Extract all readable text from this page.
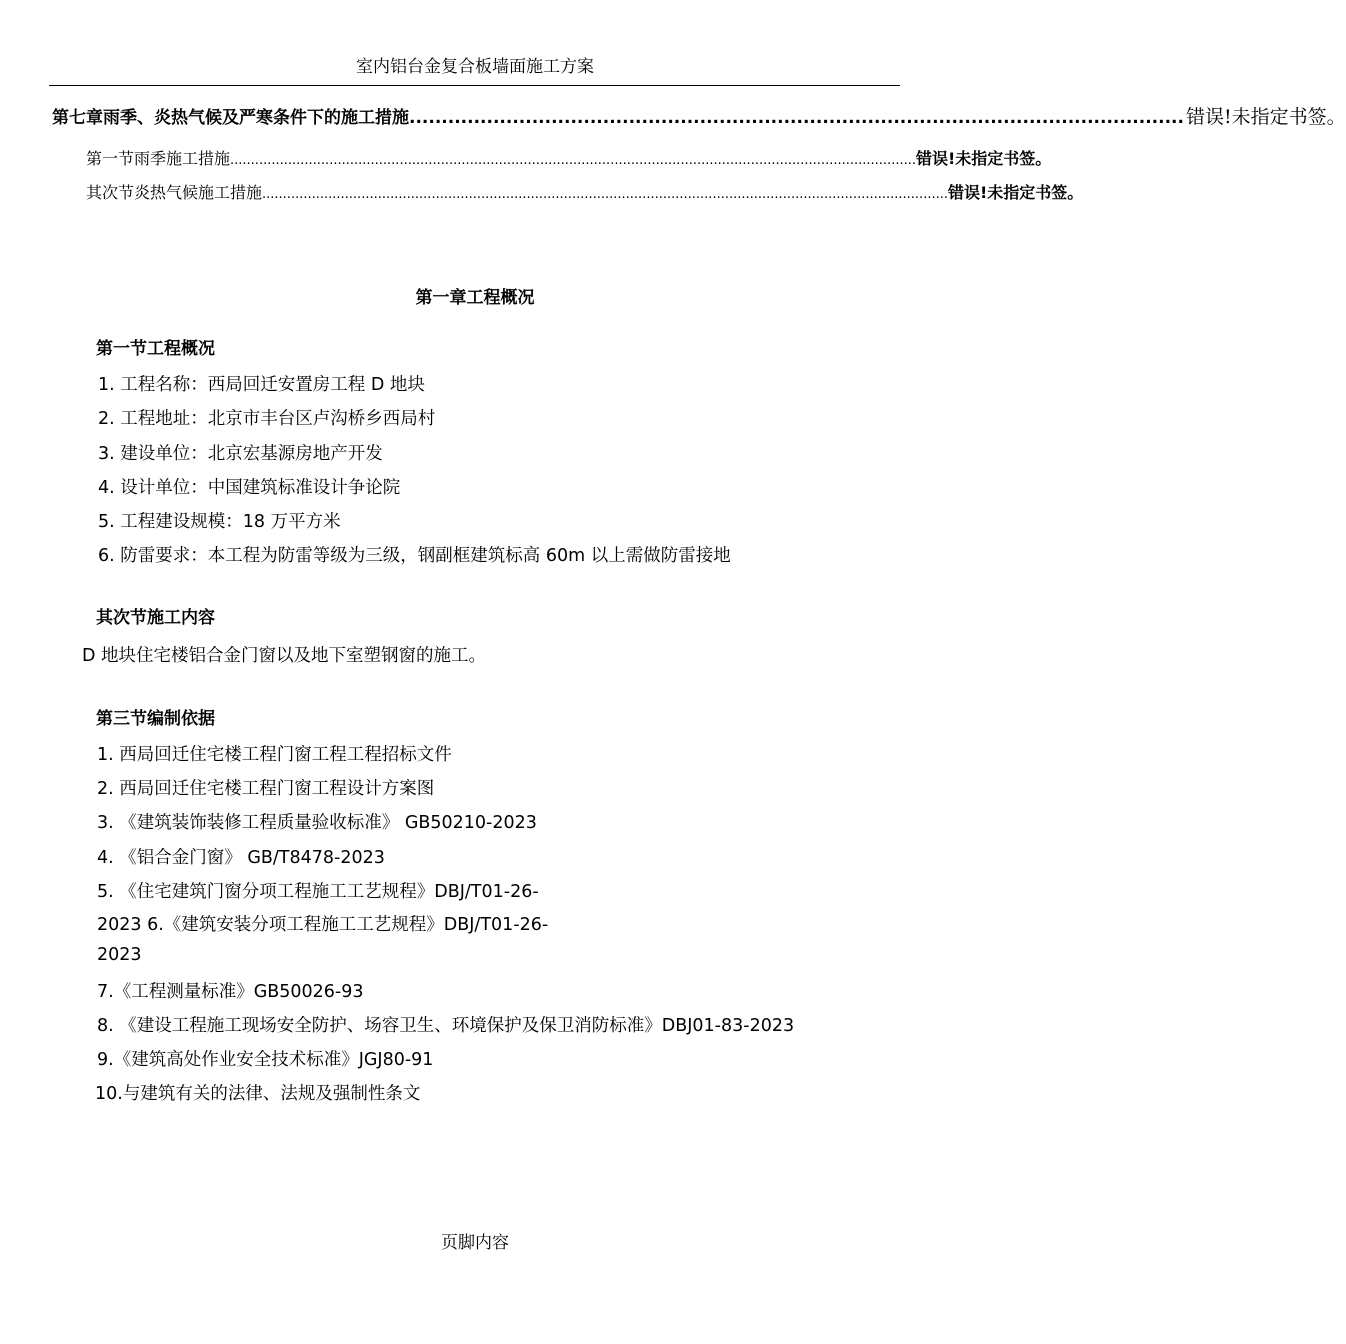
室内铝台金复合板墙面施工方案
第七章雨季、炎热气候及严寒条件下的施工措施 ........................................................................................................................ 错误!未指定书签。
第一节雨季施工措施 ...................................................................................................................................................................... 错误!未指定书签。
其次节炎热气候施工措施 ...................................................................................................................................................................... 错误!未指定书签。
第一章工程概况
第一节工程概况
1. 工程名称：西局回迁安置房工程 D 地块
2. 工程地址：北京市丰台区卢沟桥乡西局村
3. 建设单位：北京宏基源房地产开发
4. 设计单位：中国建筑标准设计争论院
5. 工程建设规模：18 万平方米
6. 防雷要求：本工程为防雷等级为三级，钢副框建筑标高 60m 以上需做防雷接地
其次节施工内容
D 地块住宅楼铝合金门窗以及地下室塑钢窗的施工。
第三节编制依据
1. 西局回迁住宅楼工程门窗工程工程招标文件
2. 西局回迁住宅楼工程门窗工程设计方案图
3. 《建筑装饰装修工程质量验收标准》 GB50210-2023
4. 《铝合金门窗》 GB/T8478-2023
5. 《住宅建筑门窗分项工程施工工艺规程》DBJ/T01-26-
2023 6.《建筑安装分项工程施工工艺规程》DBJ/T01-26-
2023
7.《工程测量标准》GB50026-93
8. 《建设工程施工现场安全防护、场容卫生、环境保护及保卫消防标准》DBJ01-83-2023
9.《建筑高处作业安全技术标准》JGJ80-91
10.与建筑有关的法律、法规及强制性条文
页脚内容
